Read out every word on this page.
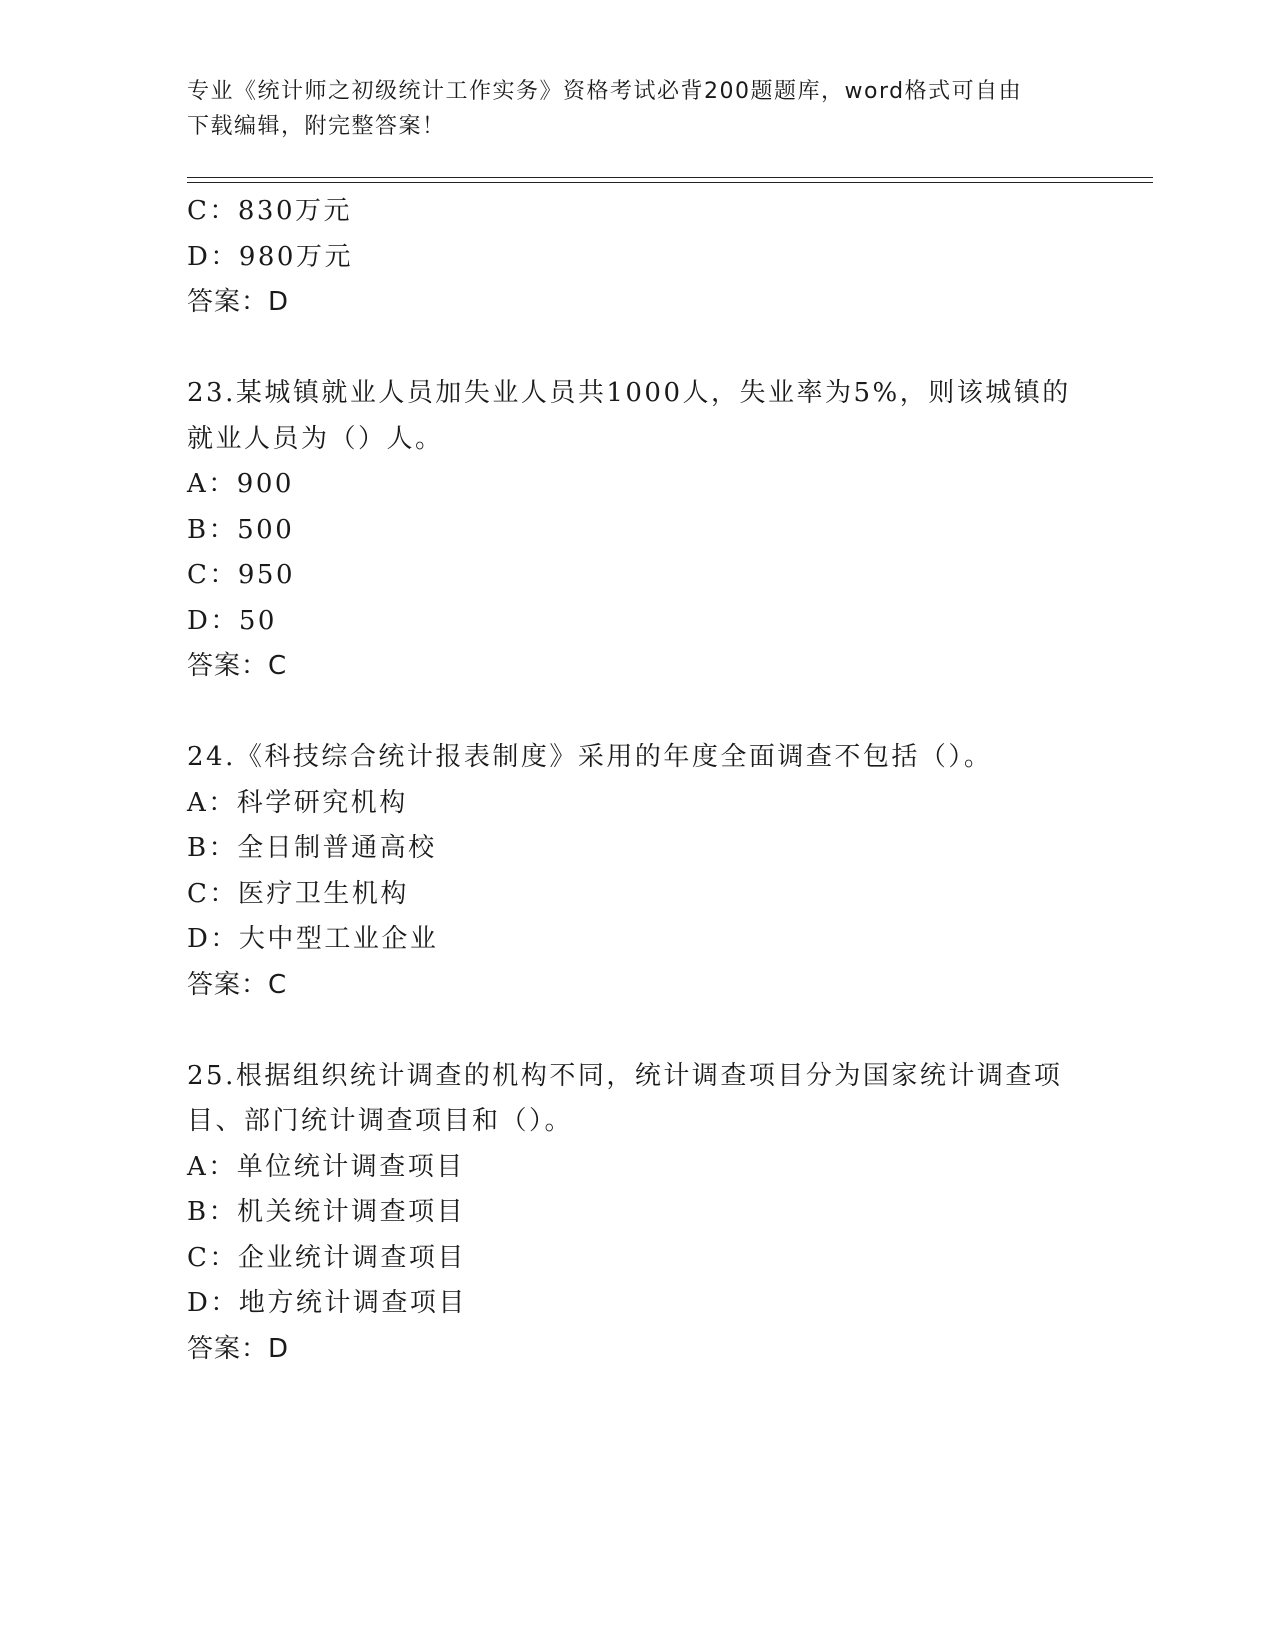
专业《统计师之初级统计工作实务》资格考试必背200题题库，word格式可自由
下载编辑，附完整答案！
C：830万元
D：980万元
答案：D
23.某城镇就业人员加失业人员共1000人，失业率为5%，则该城镇的
就业人员为（）人。
A：900
B：500
C：950
D：50
答案：C
24.《科技综合统计报表制度》采用的年度全面调查不包括（）。
A：科学研究机构
B：全日制普通高校
C：医疗卫生机构
D：大中型工业企业
答案：C
25.根据组织统计调查的机构不同，统计调查项目分为国家统计调查项
目、部门统计调查项目和（）。
A：单位统计调查项目
B：机关统计调查项目
C：企业统计调查项目
D：地方统计调查项目
答案：D
